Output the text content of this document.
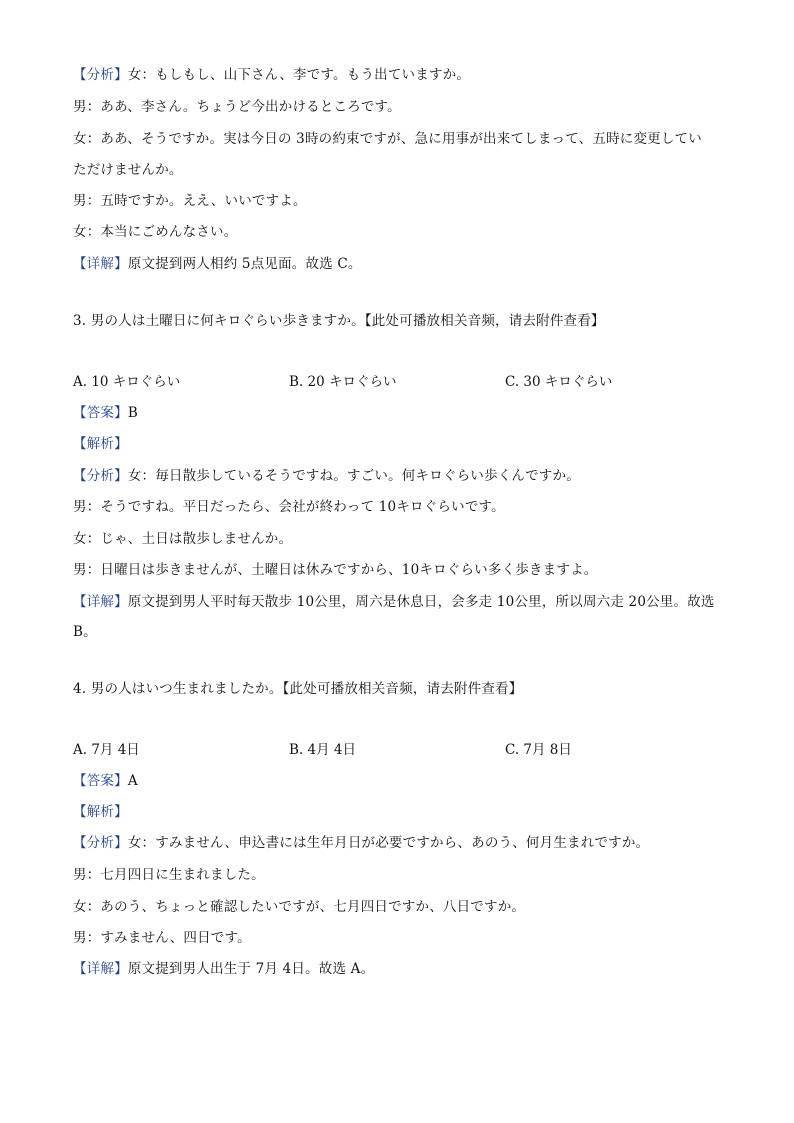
【分析】女：もしもし、山下さん、李です。もう出ていますか。
男：ああ、李さん。ちょうど今出かけるところです。
女：ああ、そうですか。実は今日の 3時の約束ですが、急に用事が出来てしまって、五時に変更してい
ただけませんか。
男：五時ですか。ええ、いいですよ。
女：本当にごめんなさい。
【详解】原文提到两人相约 5点见面。故选 C。
3. 男の人は土曜日に何キロぐらい歩きますか。【此处可播放相关音频，请去附件查看】
A. 10 キロぐらい	B. 20 キロぐらい	C. 30 キロぐらい
【答案】B
【解析】
【分析】女：毎日散歩しているそうですね。すごい。何キロぐらい歩くんですか。
男：そうですね。平日だったら、会社が終わって 10キロぐらいです。
女：じゃ、土日は散歩しませんか。
男：日曜日は歩きませんが、土曜日は休みですから、10キロぐらい多く歩きますよ。
【详解】原文提到男人平时每天散步 10公里，周六是休息日，会多走 10公里，所以周六走 20公里。故选
B。
4. 男の人はいつ生まれましたか。【此处可播放相关音频，请去附件查看】
A. 7月 4日	B. 4月 4日	C. 7月 8日
【答案】A
【解析】
【分析】女：すみません、申込書には生年月日が必要ですから、あのう、何月生まれですか。
男：七月四日に生まれました。
女：あのう、ちょっと確認したいですが、七月四日ですか、八日ですか。
男：すみません、四日です。
【详解】原文提到男人出生于 7月 4日。故选 A。
